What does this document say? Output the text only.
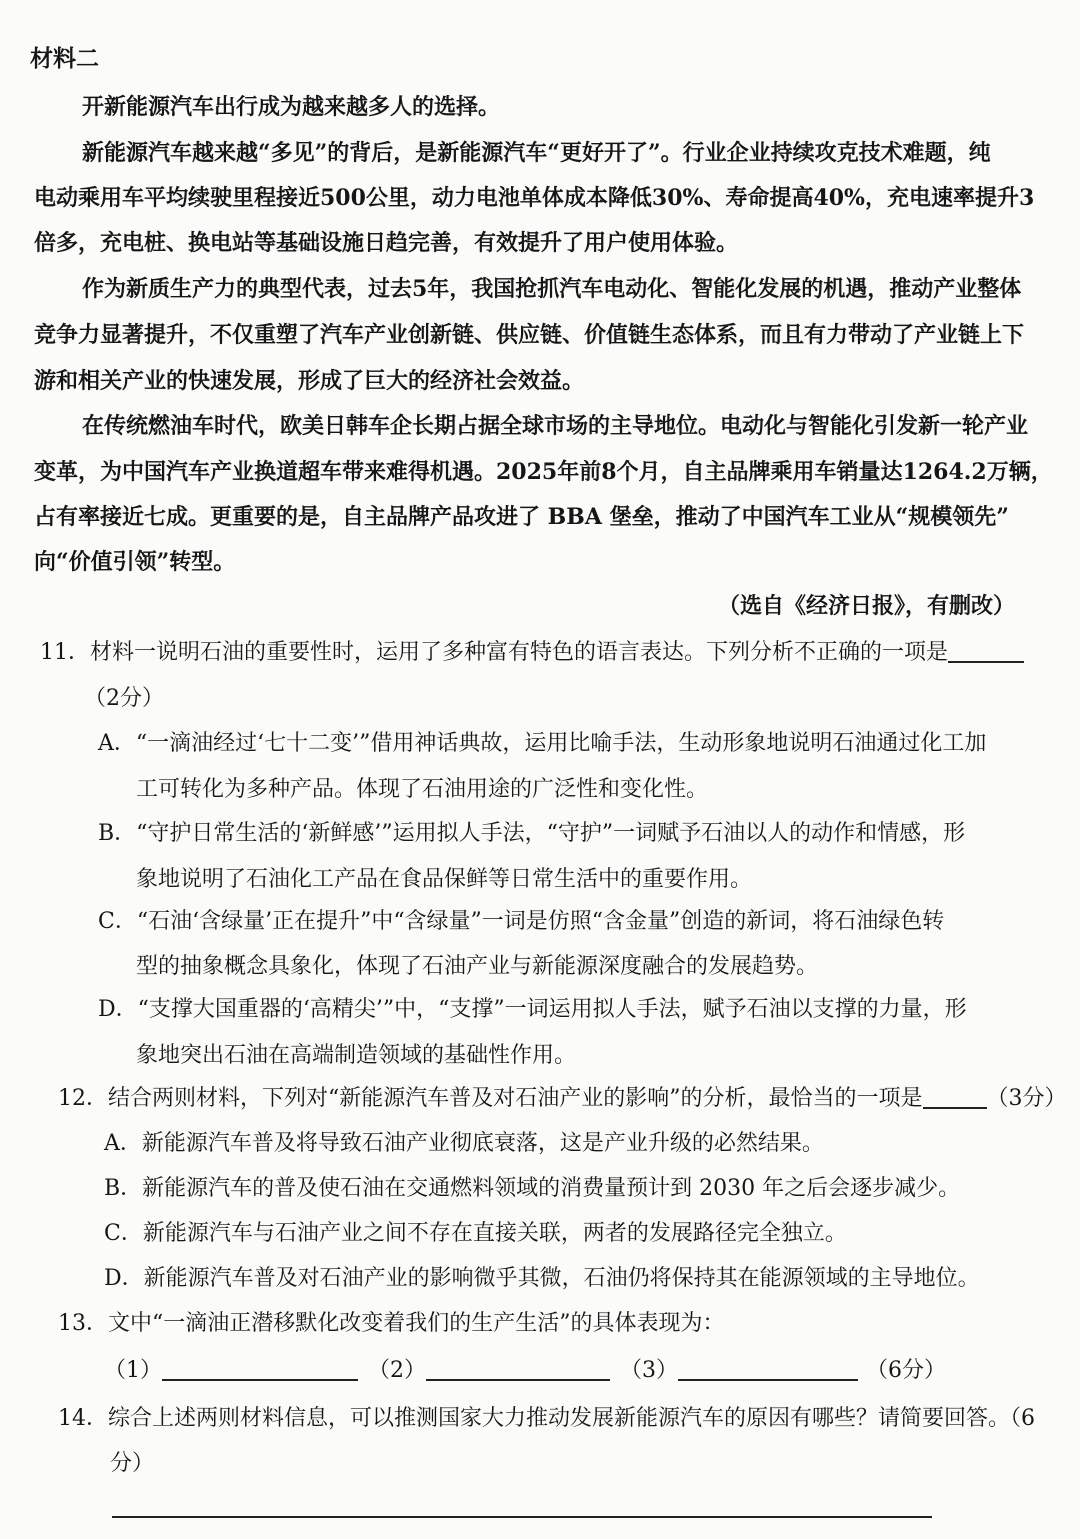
材料二
开新能源汽车出行成为越来越多人的选择。
新能源汽车越来越“多见”的背后，是新能源汽车“更好开了”。行业企业持续攻克技术难题，纯
电动乘用车平均续驶里程接近500公里，动力电池单体成本降低30%、寿命提高40%，充电速率提升3
倍多，充电桩、换电站等基础设施日趋完善，有效提升了用户使用体验。
作为新质生产力的典型代表，过去5年，我国抢抓汽车电动化、智能化发展的机遇，推动产业整体
竞争力显著提升，不仅重塑了汽车产业创新链、供应链、价值链生态体系，而且有力带动了产业链上下
游和相关产业的快速发展，形成了巨大的经济社会效益。
在传统燃油车时代，欧美日韩车企长期占据全球市场的主导地位。电动化与智能化引发新一轮产业
变革，为中国汽车产业换道超车带来难得机遇。2025年前8个月，自主品牌乘用车销量达1264.2万辆，
占有率接近七成。更重要的是，自主品牌产品攻进了 BBA 堡垒，推动了中国汽车工业从“规模领先”
向“价值引领”转型。
（选自《经济日报》，有删改）
11．材料一说明石油的重要性时，运用了多种富有特色的语言表达。下列分析不正确的一项是
（2分）
A．“一滴油经过‘七十二变’”借用神话典故，运用比喻手法，生动形象地说明石油通过化工加
工可转化为多种产品。体现了石油用途的广泛性和变化性。
B．“守护日常生活的‘新鲜感’”运用拟人手法，“守护”一词赋予石油以人的动作和情感，形
象地说明了石油化工产品在食品保鲜等日常生活中的重要作用。
C．“石油‘含绿量’正在提升”中“含绿量”一词是仿照“含金量”创造的新词，将石油绿色转
型的抽象概念具象化，体现了石油产业与新能源深度融合的发展趋势。
D．“支撑大国重器的‘高精尖’”中，“支撑”一词运用拟人手法，赋予石油以支撑的力量，形
象地突出石油在高端制造领域的基础性作用。
12．结合两则材料，下列对“新能源汽车普及对石油产业的影响”的分析，最恰当的一项是	（3分）
A．新能源汽车普及将导致石油产业彻底衰落，这是产业升级的必然结果。
B．新能源汽车的普及使石油在交通燃料领域的消费量预计到 2030 年之后会逐步减少。
C．新能源汽车与石油产业之间不存在直接关联，两者的发展路径完全独立。
D．新能源汽车普及对石油产业的影响微乎其微，石油仍将保持其在能源领域的主导地位。
13．文中“一滴油正潜移默化改变着我们的生产生活”的具体表现为：
（1）	（2）	（3）	（6分）
14．综合上述两则材料信息，可以推测国家大力推动发展新能源汽车的原因有哪些？请简要回答。（6
分）
